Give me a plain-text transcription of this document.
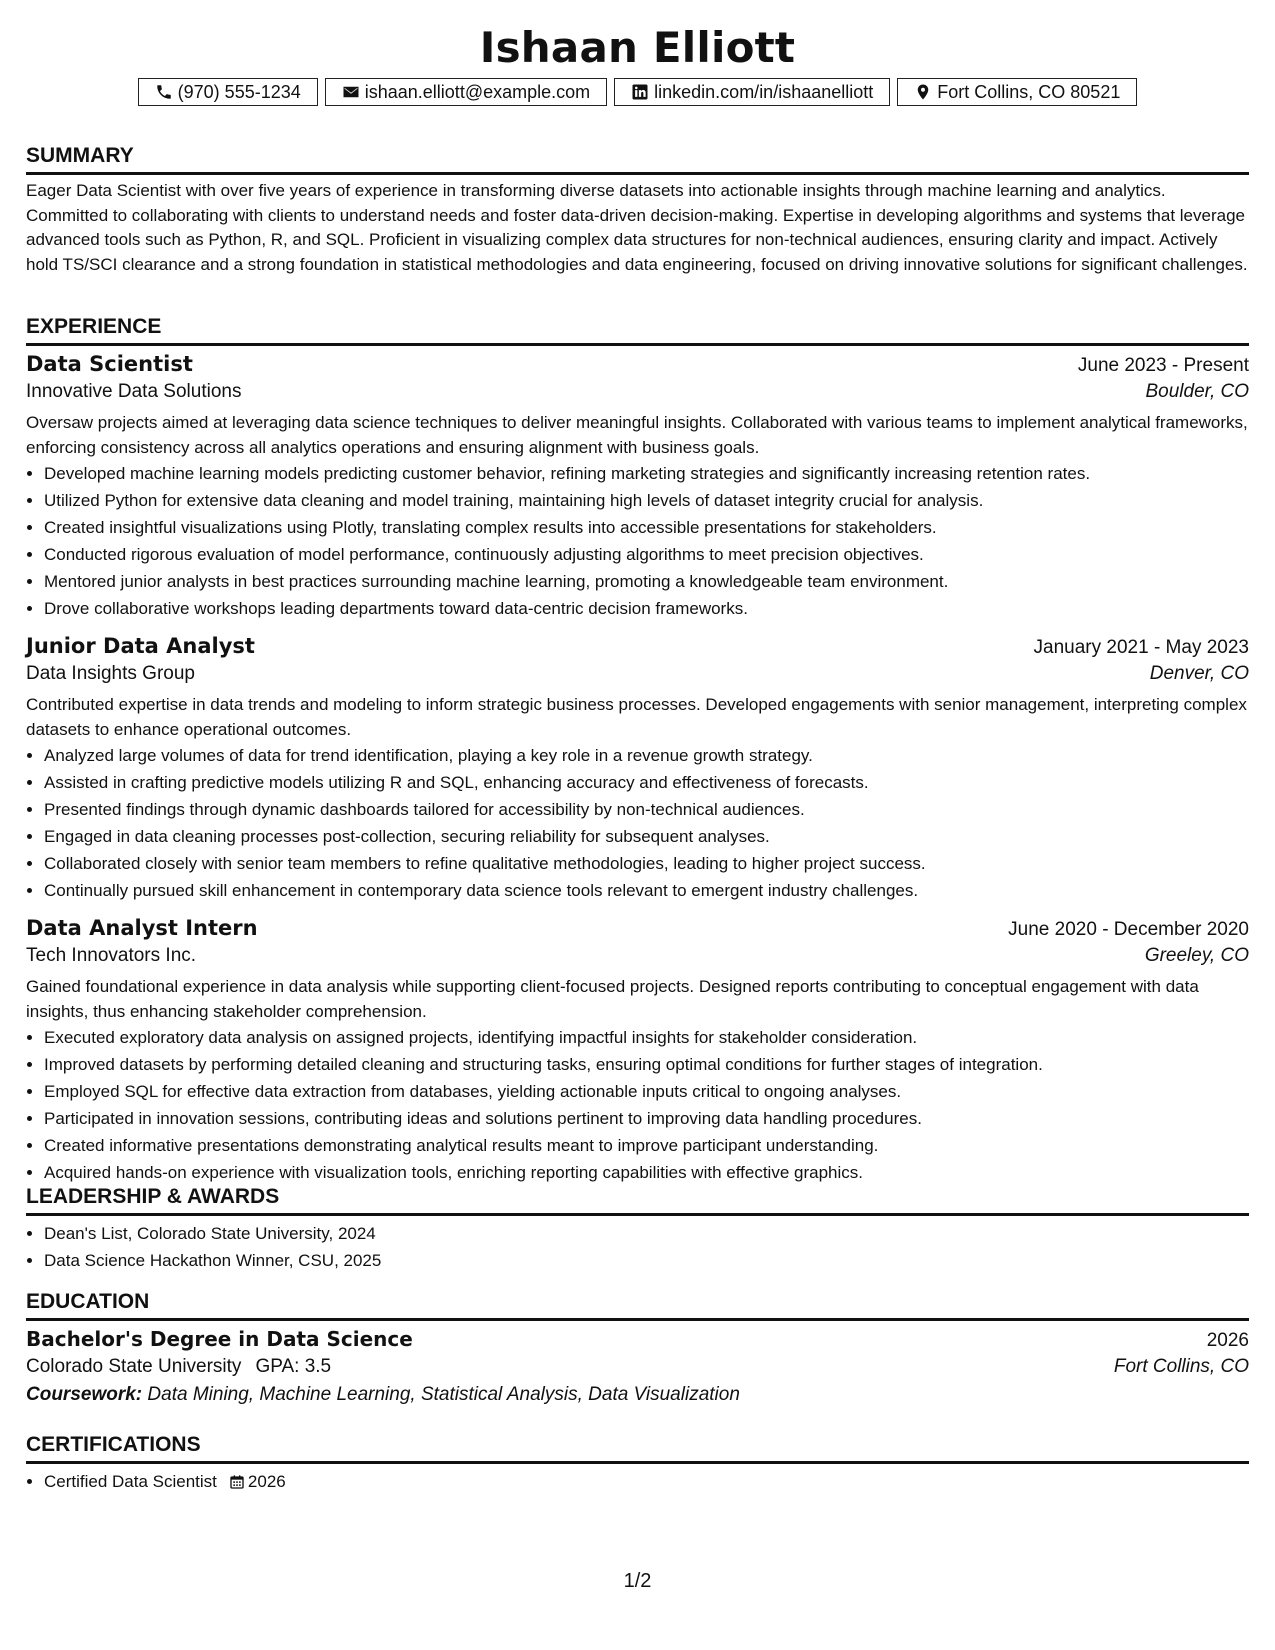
Ishaan Elliott
(970) 555-1234	ishaan.elliott@example.com	linkedin.com/in/ishaanelliott	Fort Collins, CO 80521
SUMMARY

Eager Data Scientist with over five years of experience in transforming diverse datasets into actionable insights through machine learning and analytics. Committed to collaborating with clients to understand needs and foster data-driven decision-making. Expertise in developing algorithms and systems that leverage advanced tools such as Python, R, and SQL. Proficient in visualizing complex data structures for non-technical audiences, ensuring clarity and impact. Actively hold TS/SCI clearance and a strong foundation in statistical methodologies and data engineering, focused on driving innovative solutions for significant challenges.

EXPERIENCE
Data Scientist	June 2023 - Present
Innovative Data Solutions	Boulder, CO

Oversaw projects aimed at leveraging data science techniques to deliver meaningful insights. Collaborated with various teams to implement analytical frameworks, enforcing consistency across all analytics operations and ensuring alignment with business goals.

• Developed machine learning models predicting customer behavior, refining marketing strategies and significantly increasing retention rates.
• Utilized Python for extensive data cleaning and model training, maintaining high levels of dataset integrity crucial for analysis.
• Created insightful visualizations using Plotly, translating complex results into accessible presentations for stakeholders.
• Conducted rigorous evaluation of model performance, continuously adjusting algorithms to meet precision objectives.
• Mentored junior analysts in best practices surrounding machine learning, promoting a knowledgeable team environment.
• Drove collaborative workshops leading departments toward data-centric decision frameworks.
Junior Data Analyst	January 2021 - May 2023
Data Insights Group	Denver, CO

Contributed expertise in data trends and modeling to inform strategic business processes. Developed engagements with senior management, interpreting complex datasets to enhance operational outcomes.

• Analyzed large volumes of data for trend identification, playing a key role in a revenue growth strategy.
• Assisted in crafting predictive models utilizing R and SQL, enhancing accuracy and effectiveness of forecasts.
• Presented findings through dynamic dashboards tailored for accessibility by non-technical audiences.
• Engaged in data cleaning processes post-collection, securing reliability for subsequent analyses.
• Collaborated closely with senior team members to refine qualitative methodologies, leading to higher project success.
• Continually pursued skill enhancement in contemporary data science tools relevant to emergent industry challenges.
Data Analyst Intern	June 2020 - December 2020
Tech Innovators Inc.	Greeley, CO

Gained foundational experience in data analysis while supporting client-focused projects. Designed reports contributing to conceptual engagement with data insights, thus enhancing stakeholder comprehension.

• Executed exploratory data analysis on assigned projects, identifying impactful insights for stakeholder consideration.
• Improved datasets by performing detailed cleaning and structuring tasks, ensuring optimal conditions for further stages of integration.
• Employed SQL for effective data extraction from databases, yielding actionable inputs critical to ongoing analyses.
• Participated in innovation sessions, contributing ideas and solutions pertinent to improving data handling procedures.
• Created informative presentations demonstrating analytical results meant to improve participant understanding.
• Acquired hands-on experience with visualization tools, enriching reporting capabilities with effective graphics.
LEADERSHIP & AWARDS
• Dean's List, Colorado State University, 2024
• Data Science Hackathon Winner, CSU, 2025
EDUCATION
Bachelor's Degree in Data Science	2026
Colorado State University GPA: 3.5	Fort Collins, CO
Coursework: Data Mining, Machine Learning, Statistical Analysis, Data Visualization
CERTIFICATIONS
• Certified Data Scientist 2026
1/2
